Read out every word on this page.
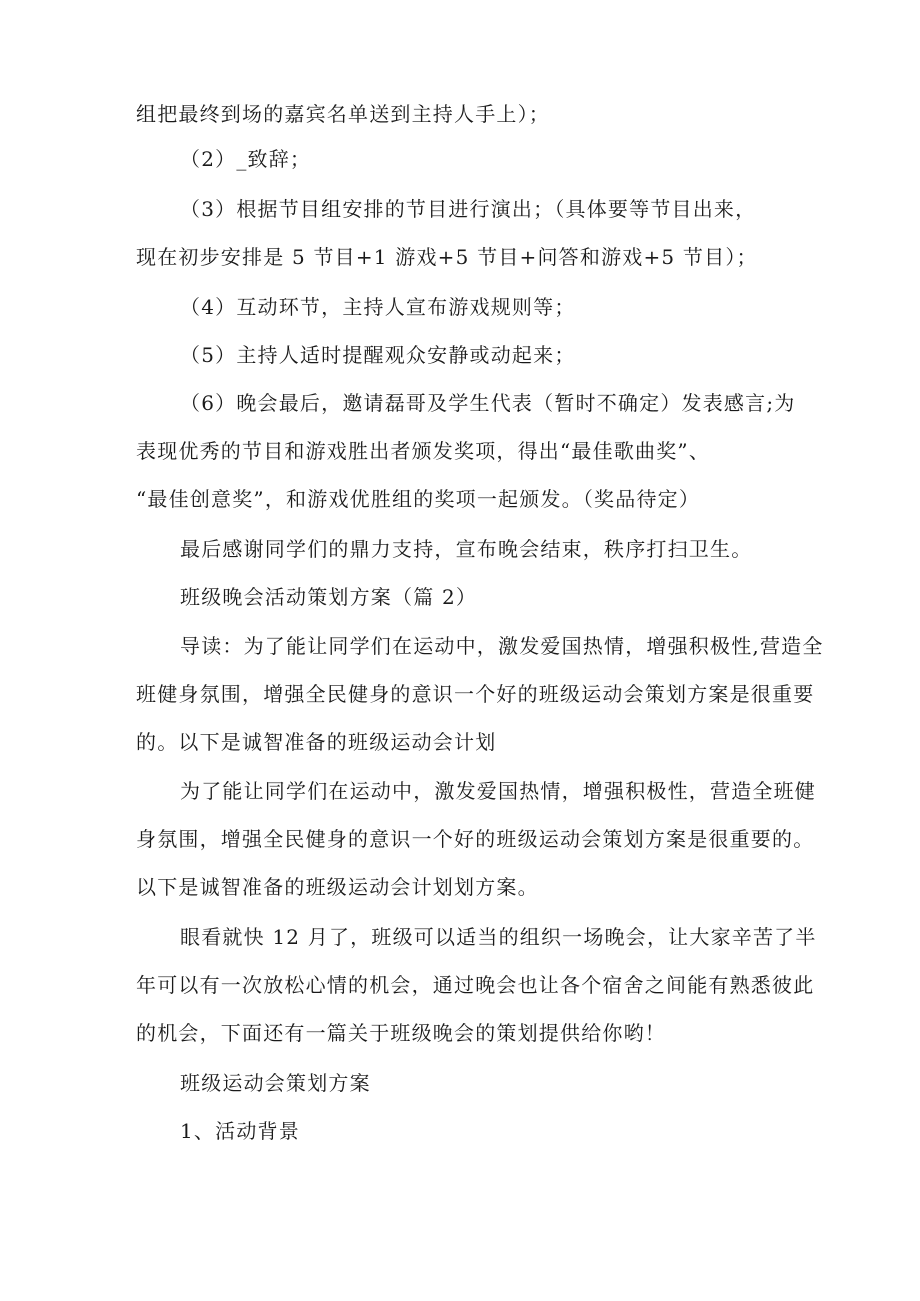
组把最终到场的嘉宾名单送到主持人手上）；
（2）_致辞；
（3）根据节目组安排的节目进行演出；（具体要等节目出来，
现在初步安排是 5 节目+1 游戏+5 节目+问答和游戏+5 节目）；
（4）互动环节，主持人宣布游戏规则等；
（5）主持人适时提醒观众安静或动起来；
（6）晚会最后，邀请磊哥及学生代表（暂时不确定）发表感言;为
表现优秀的节目和游戏胜出者颁发奖项，得出“最佳歌曲奖”、
“最佳创意奖”，和游戏优胜组的奖项一起颁发。（奖品待定）
最后感谢同学们的鼎力支持，宣布晚会结束，秩序打扫卫生。
班级晚会活动策划方案（篇 2）
导读：为了能让同学们在运动中，激发爱国热情，增强积极性,营造全
班健身氛围，增强全民健身的意识一个好的班级运动会策划方案是很重要
的。以下是诚智准备的班级运动会计划
为了能让同学们在运动中，激发爱国热情，增强积极性，营造全班健
身氛围，增强全民健身的意识一个好的班级运动会策划方案是很重要的。
以下是诚智准备的班级运动会计划划方案。
眼看就快 12 月了，班级可以适当的组织一场晚会，让大家辛苦了半
年可以有一次放松心情的机会，通过晚会也让各个宿舍之间能有熟悉彼此
的机会，下面还有一篇关于班级晚会的策划提供给你哟！
班级运动会策划方案
1、活动背景
